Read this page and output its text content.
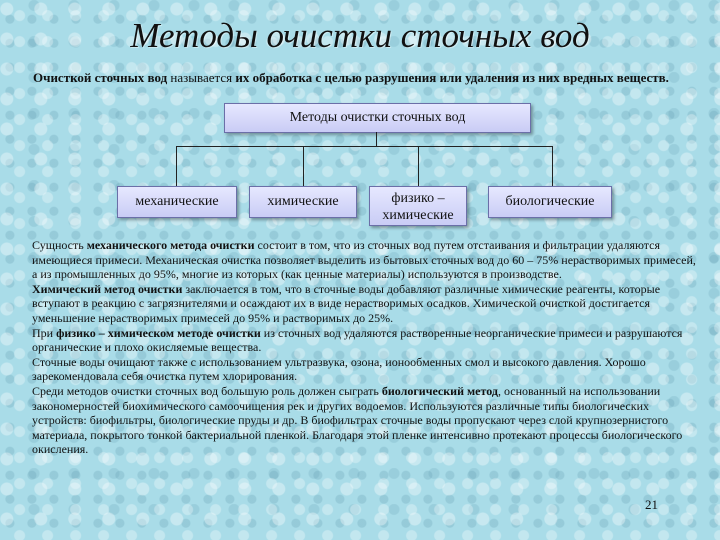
Методы очистки сточных вод
Очисткой сточных вод называется их обработка с целью разрушения или удаления из них вредных веществ.
Методы очистки сточных вод
механические	химические	физико – химические
биологические

Сущность механического метода очистки состоит в том, что из сточных вод путем отстаивания и фильтрации удаляются имеющиеся примеси. Механическая очистка позволяет выделить из бытовых сточных вод до 60 – 75% нерастворимых примесей, а из промышленных до 95%, многие из которых (как ценные материалы) используются в производстве.

Химический метод очистки заключается в том, что в сточные воды добавляют различные химические реагенты, которые вступают в реакцию с загрязнителями и осаждают их в виде нерастворимых осадков. Химической очисткой достигается уменьшение нерастворимых примесей до 95% и растворимых до 25%.

При физико – химическом методе очистки из сточных вод удаляются растворенные неорганические примеси и разрушаются органические и плохо окисляемые вещества.

Сточные воды очищают также с использованием ультразвука, озона, ионообменных смол и высокого давления. Хорошо зарекомендовала себя очистка путем хлорирования.

Среди методов очистки сточных вод большую роль должен сыграть биологический метод, основанный на использовании закономерностей биохимического самоочищения рек и других водоемов. Используются различные типы биологических устройств: биофильтры, биологические пруды и др. В биофильтрах сточные воды пропускают через слой крупнозернистого материала, покрытого тонкой бактериальной пленкой. Благодаря этой пленке интенсивно протекают процессы биологического окисления.

21
